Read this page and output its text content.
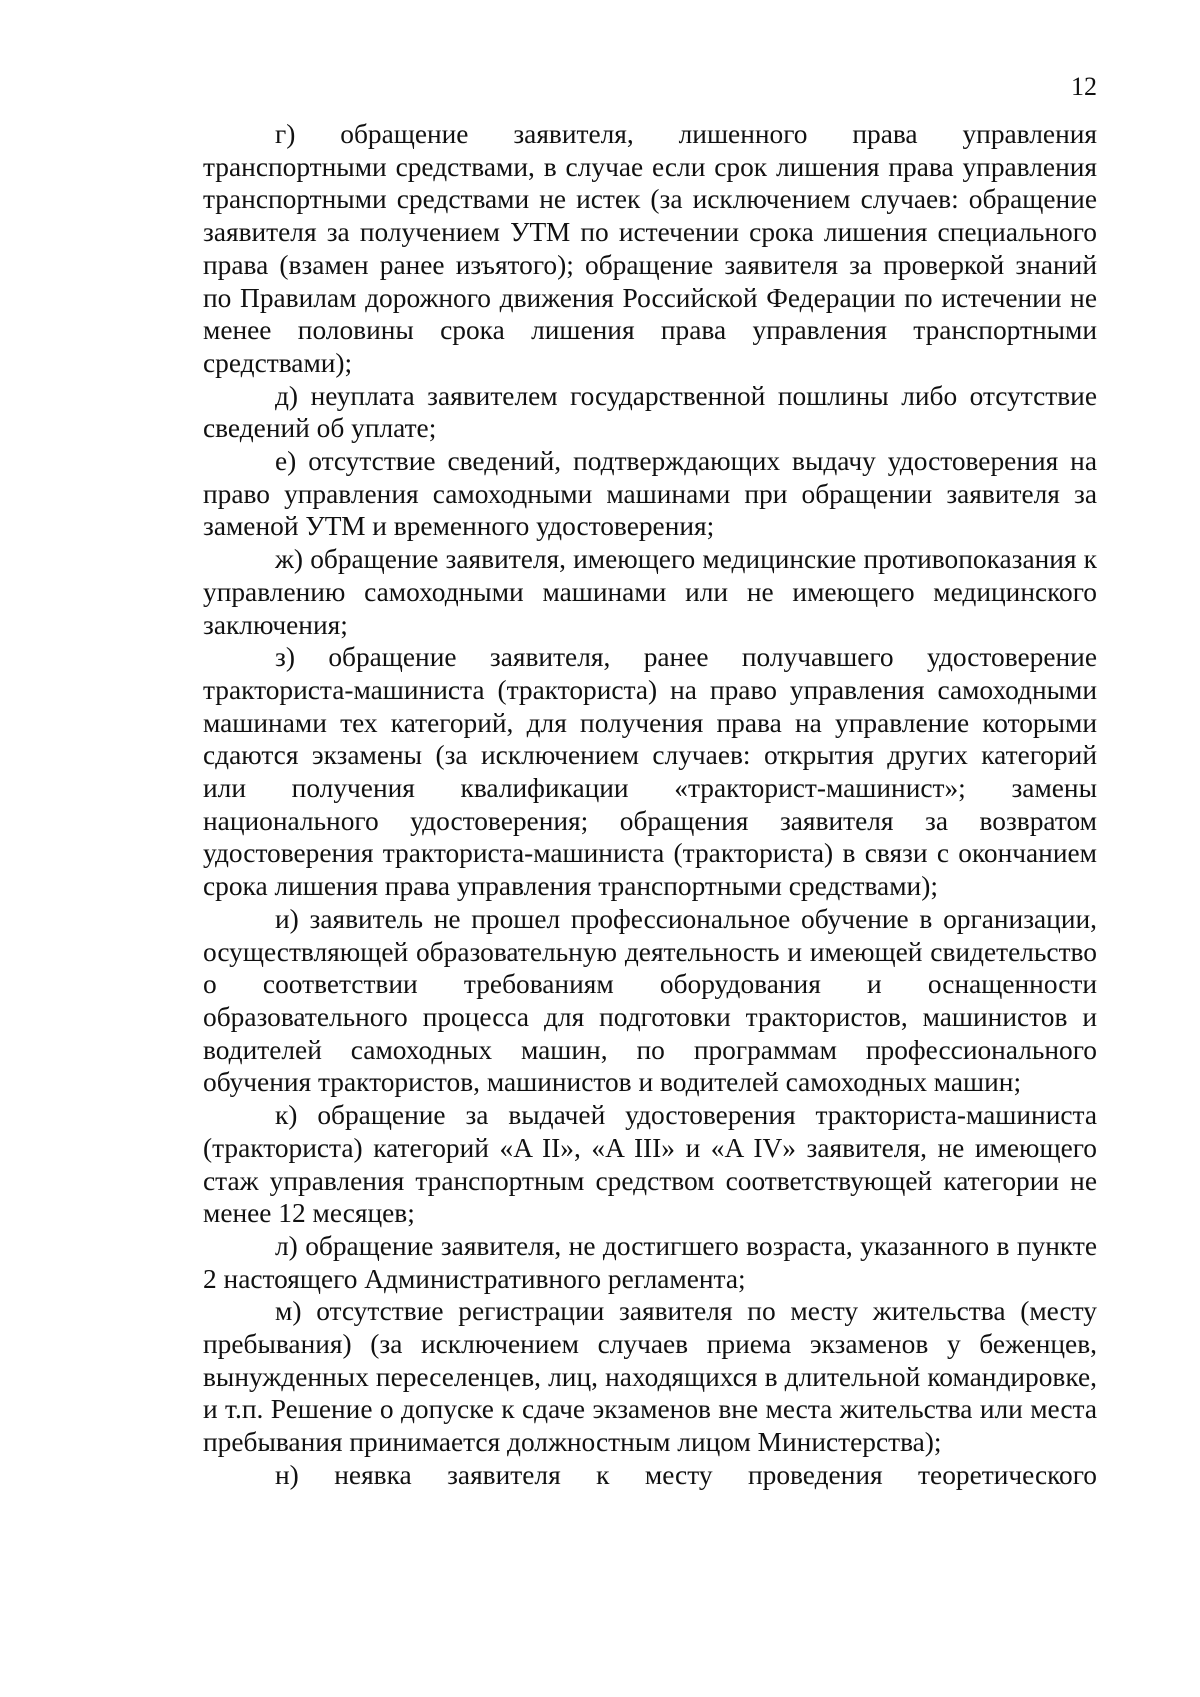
12

г) обращение заявителя, лишенного права управления транспортными средствами, в случае если срок лишения права управления транспортными средствами не истек (за исключением случаев: обращение заявителя за получением УТМ по истечении срока лишения специального права (взамен ранее изъятого); обращение заявителя за проверкой знаний по Правилам дорожного движения Российской Федерации по истечении не менее половины срока лишения права управления транспортными средствами);

д) неуплата заявителем государственной пошлины либо отсутствие сведений об уплате;

е) отсутствие сведений, подтверждающих выдачу удостоверения на право управления самоходными машинами при обращении заявителя за заменой УТМ и временного удостоверения;

ж) обращение заявителя, имеющего медицинские противопоказания к управлению самоходными машинами или не имеющего медицинского заключения;

з) обращение заявителя, ранее получавшего удостоверение тракториста-машиниста (тракториста) на право управления самоходными машинами тех категорий, для получения права на управление которыми сдаются экзамены (за исключением случаев: открытия других категорий или получения квалификации «тракторист-машинист»; замены национального удостоверения; обращения заявителя за возвратом удостоверения тракториста-машиниста (тракториста) в связи с окончанием срока лишения права управления транспортными средствами);

и) заявитель не прошел профессиональное обучение в организации, осуществляющей образовательную деятельность и имеющей свидетельство о соответствии требованиям оборудования и оснащенности образовательного процесса для подготовки трактористов, машинистов и водителей самоходных машин, по программам профессионального обучения трактористов, машинистов и водителей самоходных машин;

к) обращение за выдачей удостоверения тракториста-машиниста (тракториста) категорий «A II», «A III» и «A IV» заявителя, не имеющего стаж управления транспортным средством соответствующей категории не менее 12 месяцев;

л) обращение заявителя, не достигшего возраста, указанного в пункте 2 настоящего Административного регламента;

м) отсутствие регистрации заявителя по месту жительства (месту пребывания) (за исключением случаев приема экзаменов у беженцев, вынужденных переселенцев, лиц, находящихся в длительной командировке, и т.п. Решение о допуске к сдаче экзаменов вне места жительства или места пребывания принимается должностным лицом Министерства);

н) неявка заявителя к месту проведения теоретического
